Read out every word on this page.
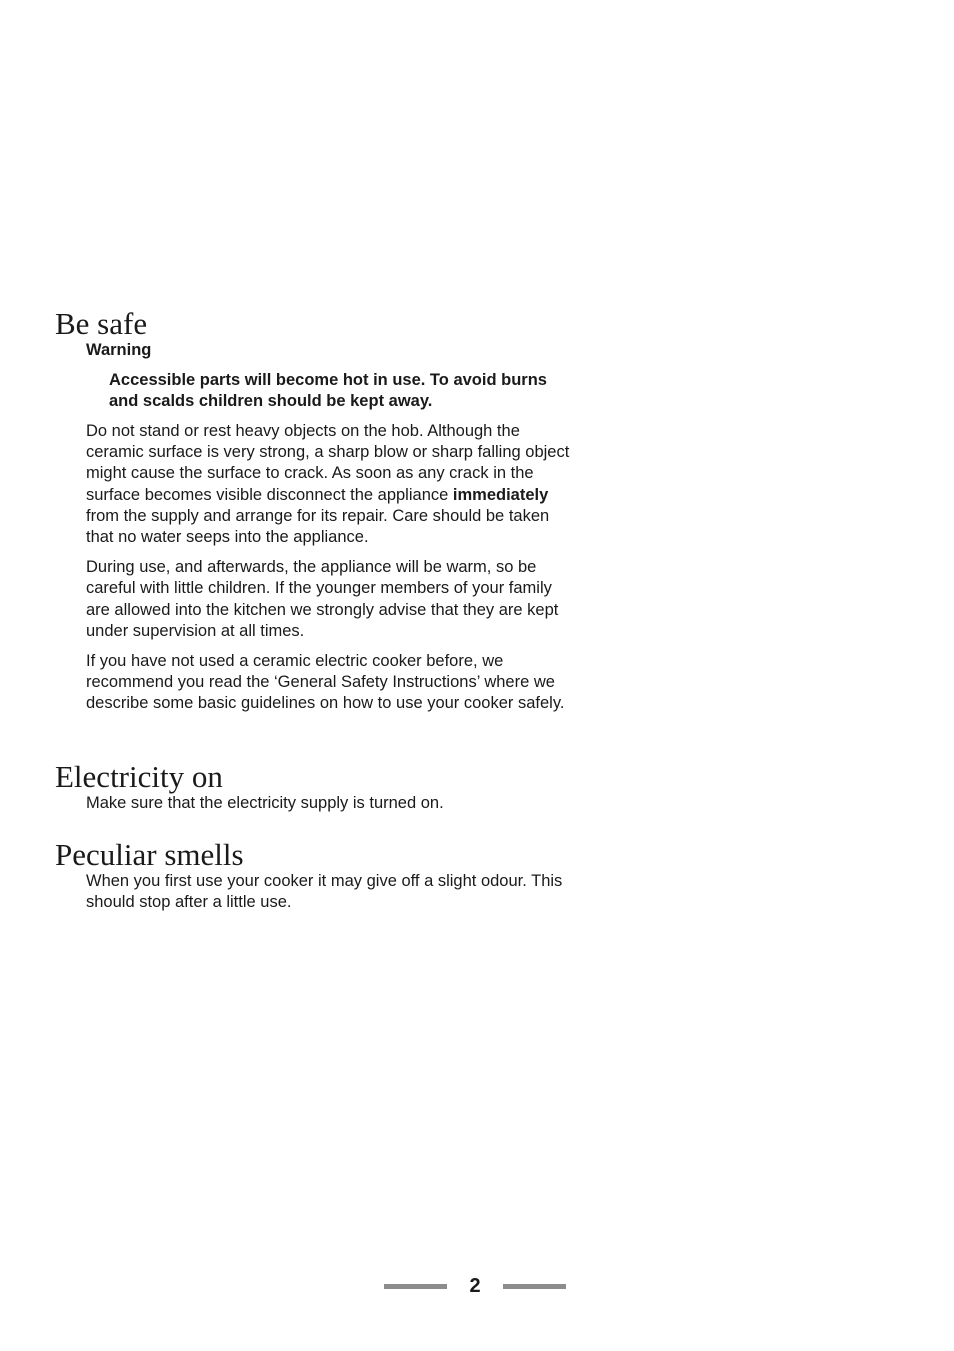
Be safe

Warning

Accessible parts will become hot in use. To avoid burns and scalds children should be kept away.

Do not stand or rest heavy objects on the hob. Although the ceramic surface is very strong, a sharp blow or sharp falling object might cause the surface to crack. As soon as any crack in the surface becomes visible disconnect the appliance immediately from the supply and arrange for its repair. Care should be taken that no water seeps into the appliance.

During use, and afterwards, the appliance will be warm, so be careful with little children. If the younger members of your family are allowed into the kitchen we strongly advise that they are kept under supervision at all times.

If you have not used a ceramic electric cooker before, we recommend you read the ‘General Safety Instructions’ where we describe some basic guidelines on how to use your cooker safely.

Electricity on

Make sure that the electricity supply is turned on.

Peculiar smells

When you first use your cooker it may give off a slight odour. This should stop after a little use.

2
